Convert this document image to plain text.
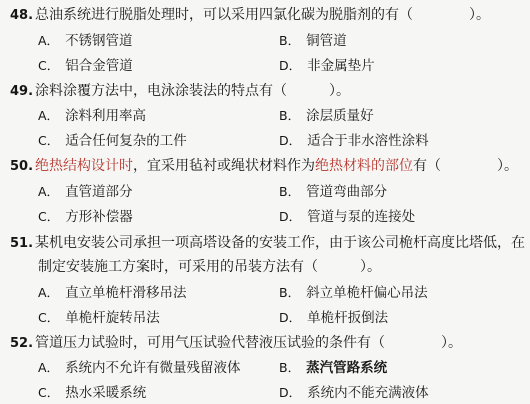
48. 总油系统进行脱脂处理时，可以采用四氯化碳为脱脂剂的有（　　　　）。
A． 不锈钢管道	B． 铜管道
C． 铝合金管道	D． 非金属垫片
49. 涂料涂覆方法中，电泳涂装法的特点有（　　　）。
A． 涂料利用率高	B． 涂层质量好
C． 适合任何复杂的工件	D． 适合于非水溶性涂料
50. 绝热结构设计时，宜采用毡衬或绳状材料作为绝热材料的部位有（　　　　）。
A． 直管道部分	B． 管道弯曲部分
C． 方形补偿器	D． 管道与泵的连接处
51. 某机电安装公司承担一项高塔设备的安装工作，由于该公司桅杆高度比塔低，在
制定安装施工方案时，可采用的吊装方法有（　　　）。
A． 直立单桅杆滑移吊法	B． 斜立单桅杆偏心吊法
C． 单桅杆旋转吊法	D． 单桅杆扳倒法
52. 管道压力试验时，可用气压试验代替液压试验的条件有（　　　　）。
A． 系统内不允许有微量残留液体	B． 蒸汽管路系统
C． 热水采暖系统	D． 系统内不能充满液体
